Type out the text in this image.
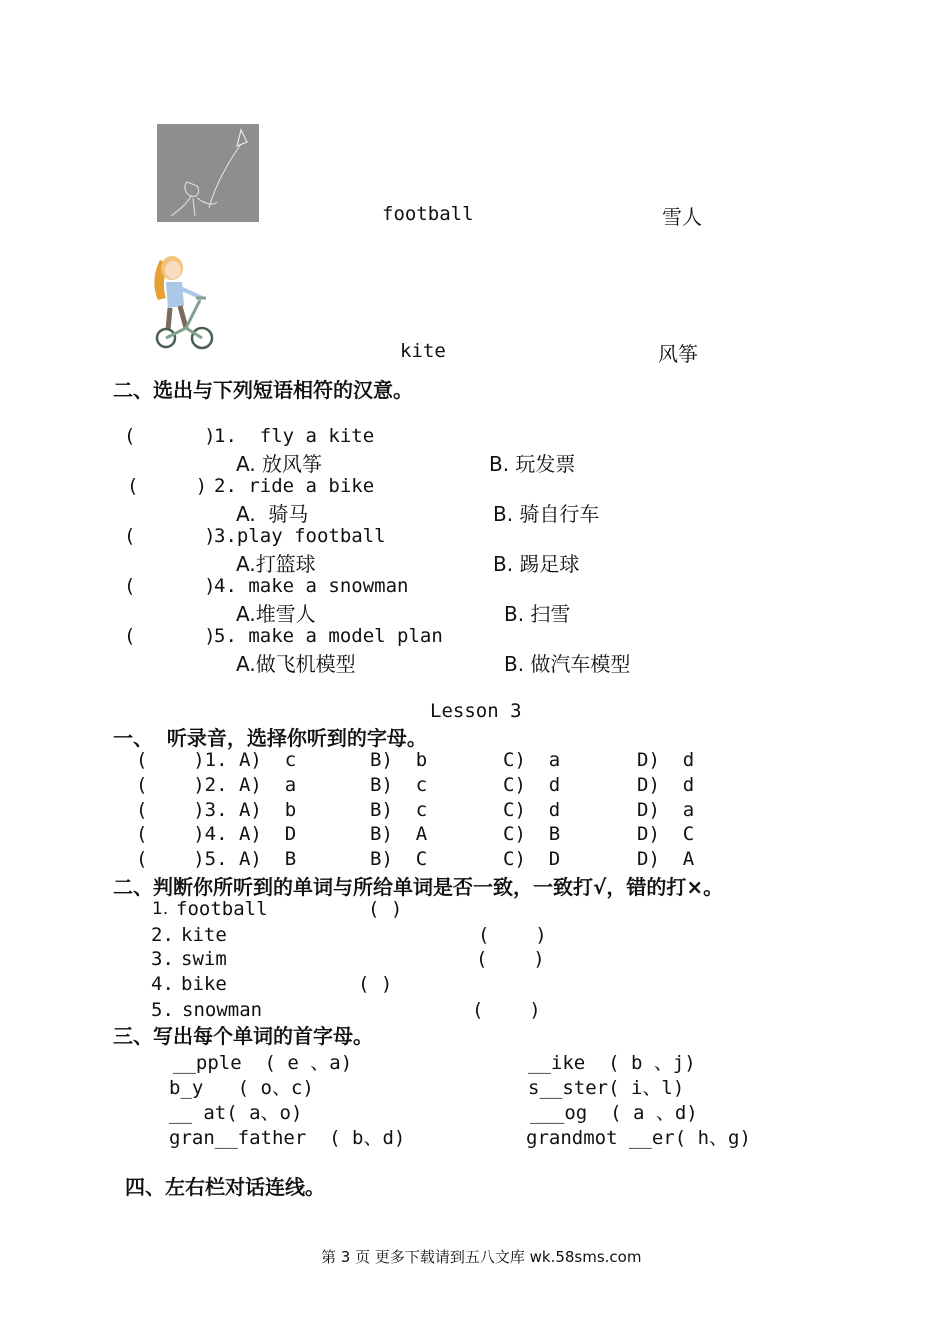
football	雪人
kite	风筝
二、选出与下列短语相符的汉意。
(      )
1.  fly a kite
A. 放风筝	B. 玩发票
(     ) 2. ride a bike
A.  骑马	B. 骑自行车
(      )
3.play football
A.打篮球	B. 踢足球
(      )
4. make a snowman
A.堆雪人	B. 扫雪
(      )
5. make a model plan
A.做飞机模型	B. 做汽车模型
Lesson 3
一、  听录音，选择你听到的字母。
(    )1. A)  c	B)  b	C)  a	D)  d
(    )2. A)  a	B)  c	C)  d	D)  d
(    )3. A)  b	B)  c	C)  d	D)  a
(    )4. A)  D	B)  A	C)  B	D)  C
(    )5. A)  B	B)  C	C)  D	D)  A
二、判断你所听到的单词与所给单词是否一致，一致打√，错的打×。
1. football	( )
2. kite	(    )
3. swim	(    )
4. bike	( )
5. snowman	(    )
三、写出每个单词的首字母。
__pple  ( e 、a)
b_y   ( o、c)
__ at( a、o)
gran__father  ( b、d)
__ike  ( b 、j)
s__ster( i、l)
___og  ( a 、d)
grandmot __er( h、g)
四、左右栏对话连线。
第 3 页 更多下载请到五八文库 wk.58sms.com
